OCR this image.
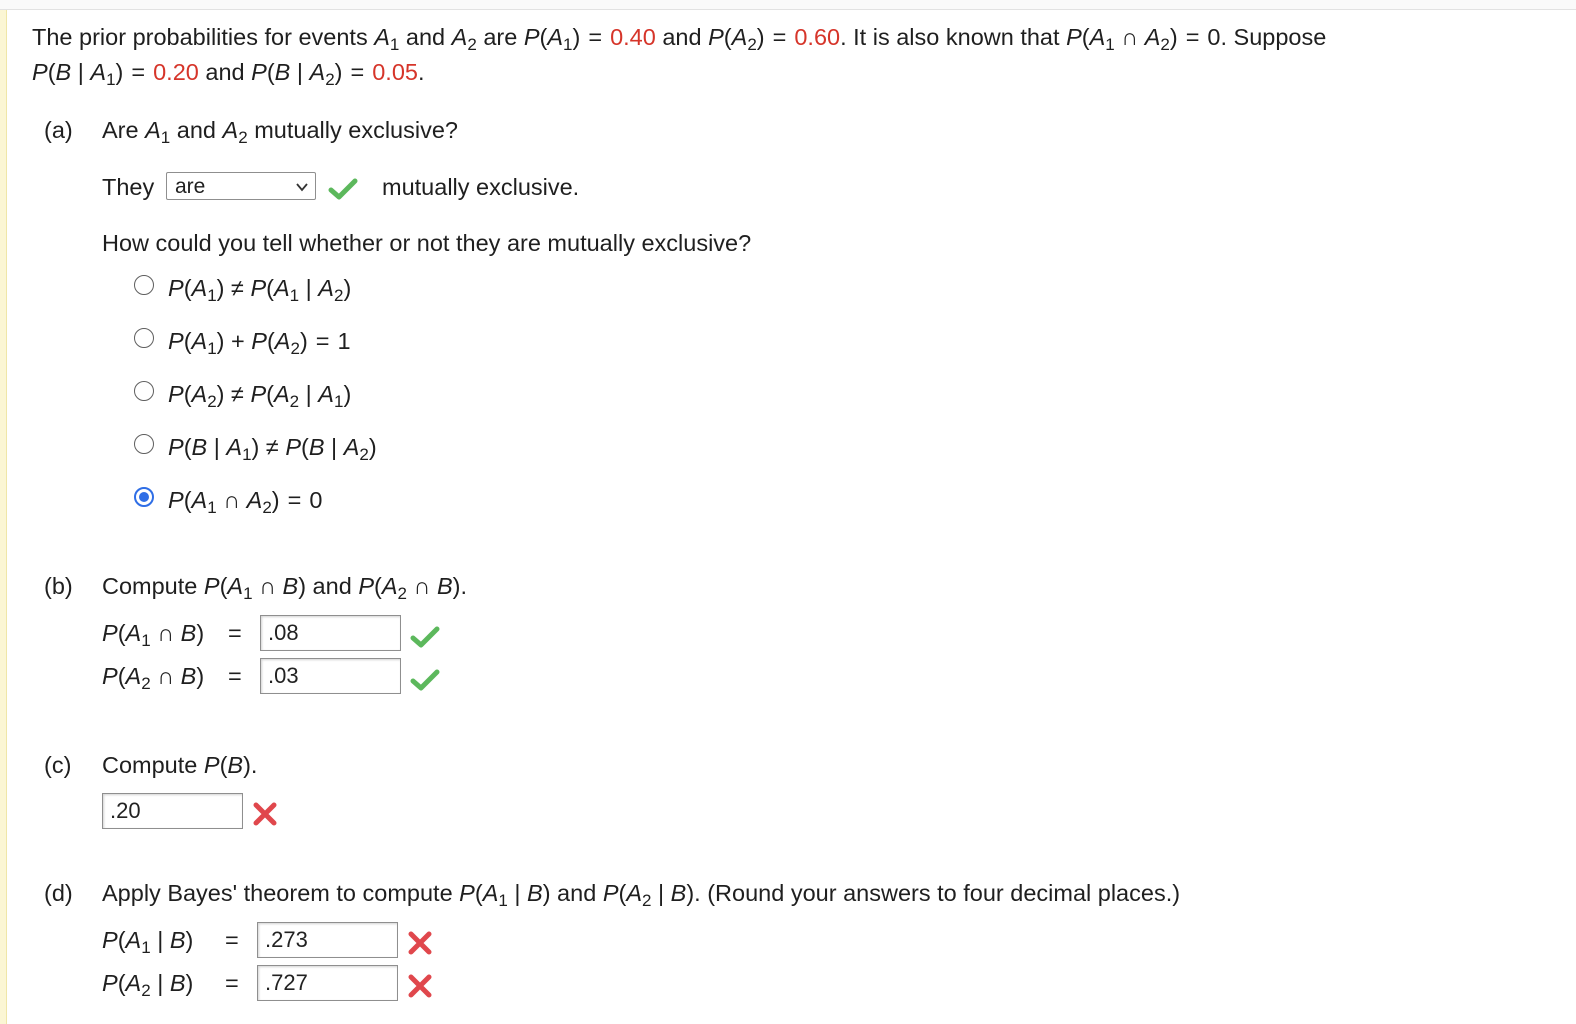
The prior probabilities for events $A_1$ and $A_2$ are $P(A_1) = 0.40$ and $P(A_2) = 0.60$. It is also known that $P(A_1$ ∩ $A_2) = 0$. Suppose
P(B | $A_1) = 0.20$ and P(B | $A_2) = 0.05$.
(a) Are $A_1$ and $A_2$ mutually exclusive?
They are	mutually exclusive.
How could you tell whether or not they are mutually exclusive?
$P(A_1) \ne P(A_1$ | $A_2$)
$P(A_1) + P(A_2) = 1$
$P(A_2) \ne P(A_2$ | $A_1$)
P(B | $A_1) \ne P(B$ | $A_2$)
$P(A_1$ ∩ $A_2) = 0$
(b) Compute $P(A_1$ ∩ B) and $P(A_2$ ∩ B).
$P(A_1$ ∩ B) =
.08
$P(A_2$ ∩ B) =
.03
(c) Compute P(B).
.20
(d) Apply Bayes' theorem to compute $P(A_1$ | B) and $P(A_2$ | B). (Round your answers to four decimal places.)
$P(A_1$ | B) =
.273
$P(A_2$ | B) =
.727
